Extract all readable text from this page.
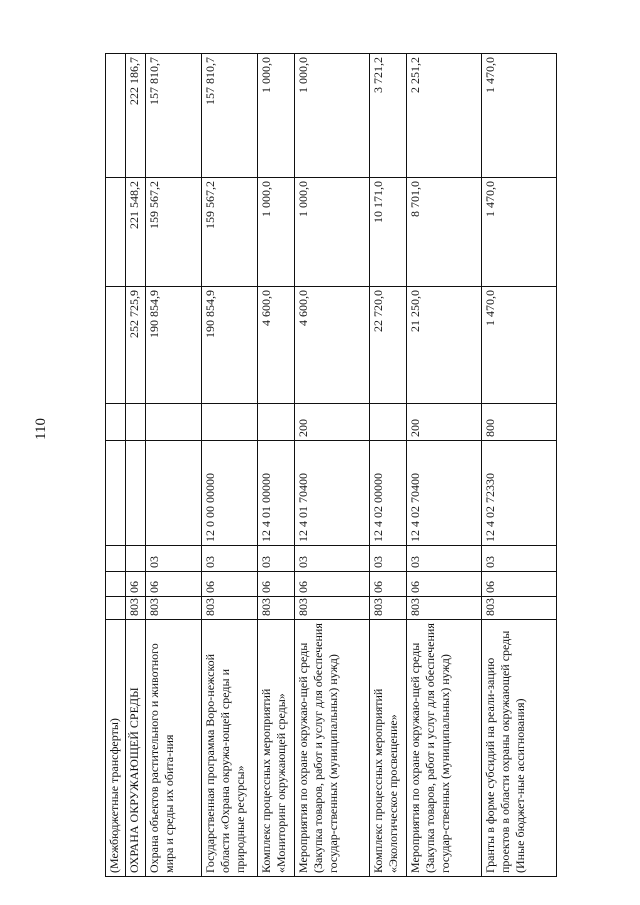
110
(Межбюджетные трансферты)								
ОХРАНА ОКРУЖАЮЩЕЙ СРЕДЫ	803	06				252 725,9	221 548,2	222 186,7
Охрана объектов растительного и животного мира и среды их обита-ния	803	06	03			190 854,9	159 567,2	157 810,7
Государственная программа Воро-нежской области «Охрана окружа-ющей среды и природные ресурсы»	803	06	03	12 0 00 00000		190 854,9	159 567,2	157 810,7
Комплекс процессных мероприятий «Мониторинг окружающей среды»	803	06	03	12 4 01 00000		4 600,0	1 000,0	1 000,0
Мероприятия по охране окружаю-щей среды (Закупка товаров, работ и услуг для обеспечения государ-ственных (муниципальных) нужд)	803	06	03	12 4 01 70400	200	4 600,0	1 000,0	1 000,0
Комплекс процессных мероприятий «Экологическое просвещение»	803	06	03	12 4 02 00000		22 720,0	10 171,0	3 721,2
Мероприятия по охране окружаю-щей среды (Закупка товаров, работ и услуг для обеспечения государ-ственных (муниципальных) нужд)	803	06	03	12 4 02 70400	200	21 250,0	8 701,0	2 251,2
Гранты в форме субсидий на реали-зацию проектов в области охраны окружающей среды (Иные бюджет-ные ассигнования)	803	06	03	12 4 02 72330	800	1 470,0	1 470,0	1 470,0
